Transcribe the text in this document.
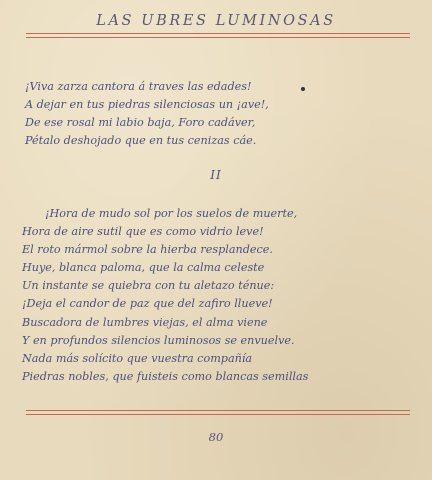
LAS UBRES LUMINOSAS
¡Viva zarza cantora á traves las edades!
A dejar en tus piedras silenciosas un ¡ave!,
De ese rosal mi labio baja, Foro cadáver,
Pétalo deshojado que en tus cenizas cáe.
II
¡Hora de mudo sol por los suelos de muerte,
Hora de aire sutil que es como vidrio leve!
El roto mármol sobre la hierba resplandece.
Huye, blanca paloma, que la calma celeste
Un instante se quiebra con tu aletazo ténue:
¡Deja el candor de paz que del zafiro llueve!
Buscadora de lumbres viejas, el alma viene
Y en profundos silencios luminosos se envuelve.
Nada más solícito que vuestra compañía
Piedras nobles, que fuisteis como blancas semillas
80
